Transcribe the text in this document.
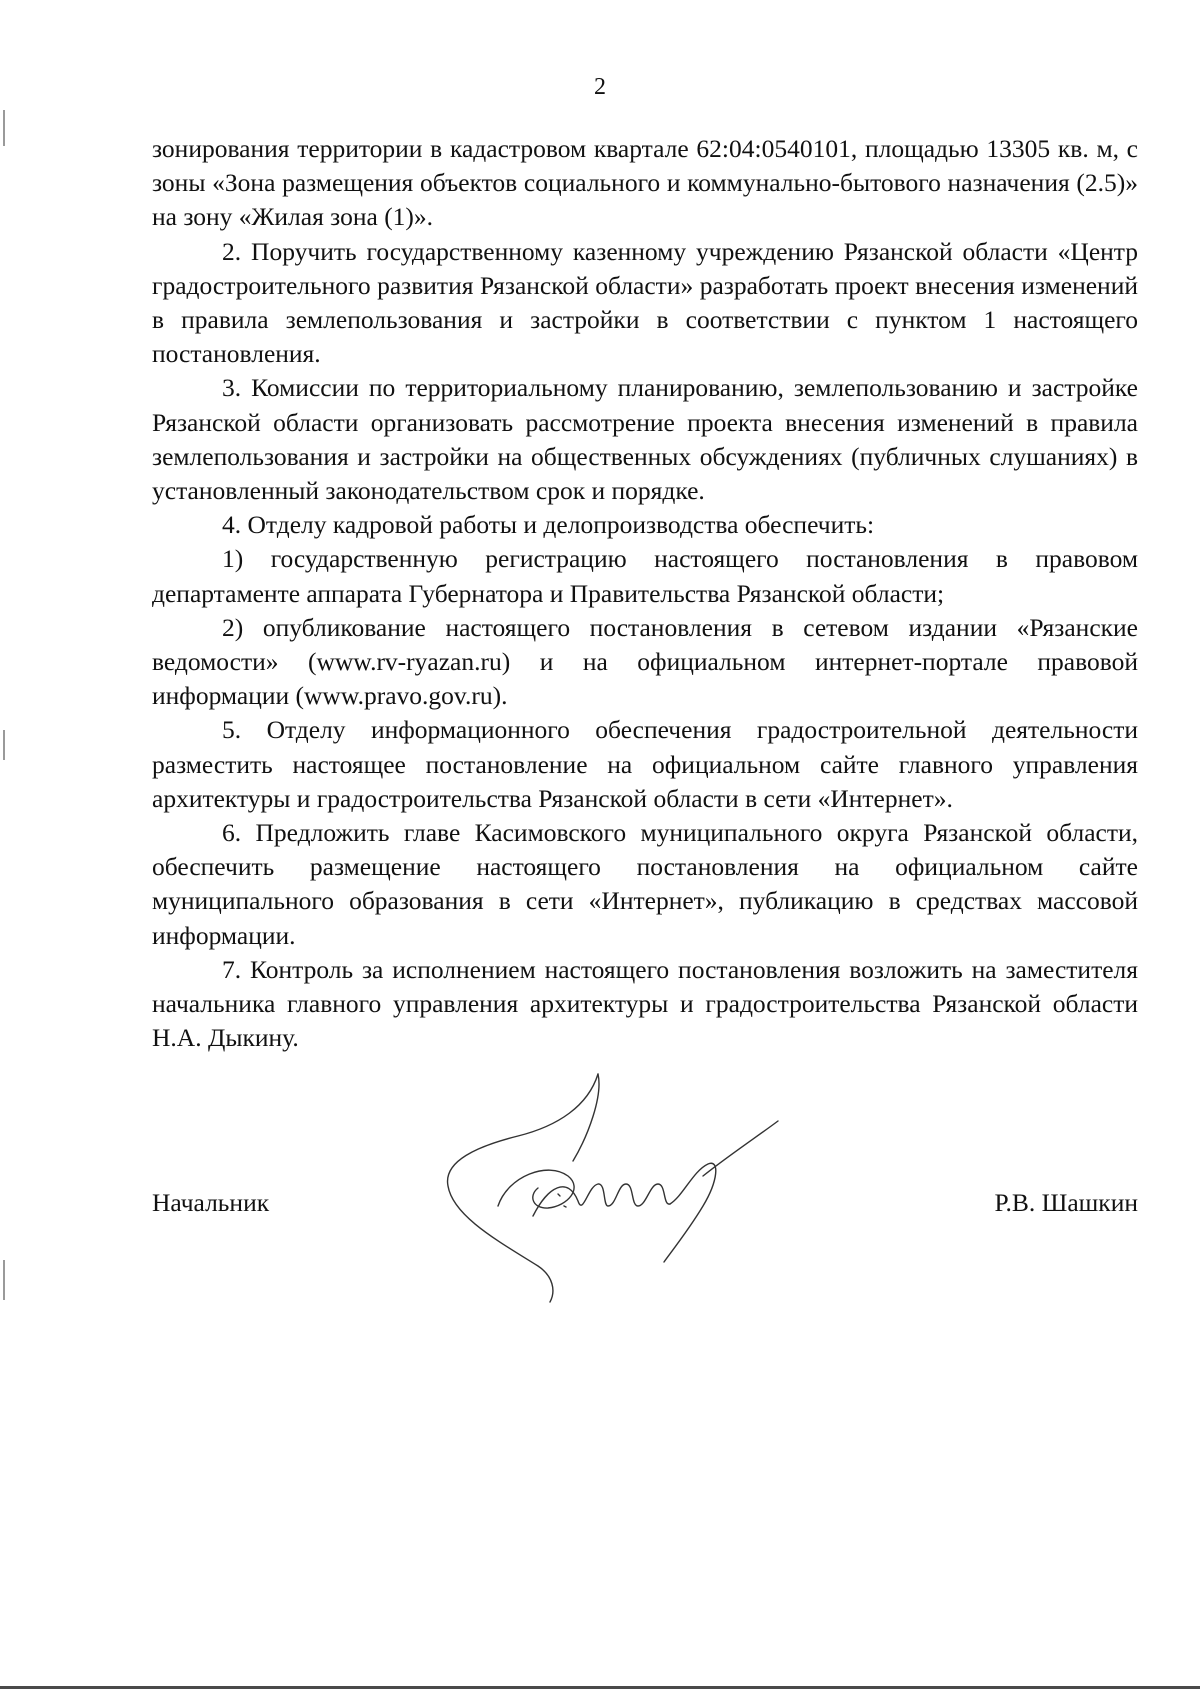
2

зонирования территории в кадастровом квартале 62:04:0540101, площадью 13305 кв. м, с зоны «Зона размещения объектов социального и коммунально-бытового назначения (2.5)» на зону «Жилая зона (1)».

2. Поручить государственному казенному учреждению Рязанской области «Центр градостроительного развития Рязанской области» разработать проект внесения изменений в правила землепользования и застройки в соответствии с пунктом 1 настоящего постановления.

3. Комиссии по территориальному планированию, землепользованию и застройке Рязанской области организовать рассмотрение проекта внесения изменений в правила землепользования и застройки на общественных обсуждениях (публичных слушаниях) в установленный законодательством срок и порядке.

4. Отделу кадровой работы и делопроизводства обеспечить:

1) государственную регистрацию настоящего постановления в правовом департаменте аппарата Губернатора и Правительства Рязанской области;

2) опубликование настоящего постановления в сетевом издании «Рязанские ведомости» (www.rv-ryazan.ru) и на официальном интернет-портале правовой информации (www.pravo.gov.ru).

5. Отделу информационного обеспечения градостроительной деятельности разместить настоящее постановление на официальном сайте главного управления архитектуры и градостроительства Рязанской области в сети «Интернет».

6. Предложить главе Касимовского муниципального округа Рязанской области, обеспечить размещение настоящего постановления на официальном сайте муниципального образования в сети «Интернет», публикацию в средствах массовой информации.

7. Контроль за исполнением настоящего постановления возложить на заместителя начальника главного управления архитектуры и градостроительства Рязанской области Н.А. Дыкину.

Начальник	Р.В. Шашкин
